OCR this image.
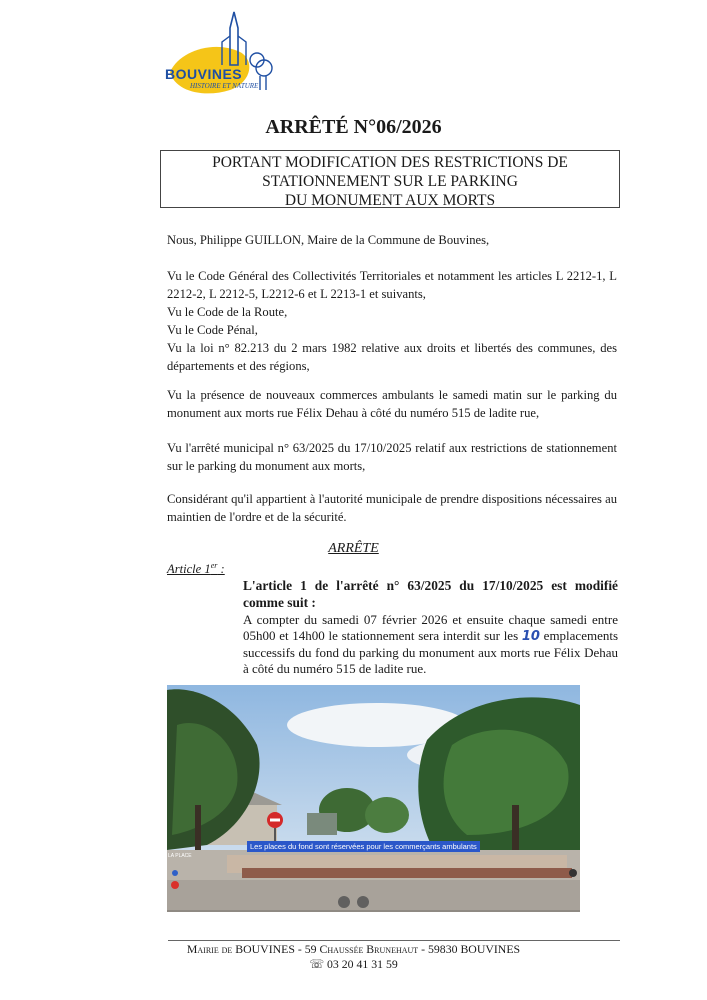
BOUVINES
HISTOIRE ET NATURE
ARRÊTÉ N°06/2026
PORTANT MODIFICATION DES RESTRICTIONS DE
STATIONNEMENT SUR LE PARKING
DU MONUMENT AUX MORTS
Nous, Philippe GUILLON, Maire de la Commune de Bouvines,
Vu le Code Général des Collectivités Territoriales et notamment les articles L 2212-1, L 2212-2, L 2212-5, L2212-6 et L 2213-1 et suivants,
Vu le Code de la Route,
Vu le Code Pénal,
Vu la loi n° 82.213 du 2 mars 1982 relative aux droits et libertés des communes, des départements et des régions,
Vu la présence de nouveaux commerces ambulants le samedi matin sur le parking du monument aux morts rue Félix Dehau à côté du numéro 515 de ladite rue,
Vu l'arrêté municipal n° 63/2025 du 17/10/2025 relatif aux restrictions de stationnement sur le parking du monument aux morts,
Considérant qu'il appartient à l'autorité municipale de prendre dispositions nécessaires au maintien de l'ordre et de la sécurité.
ARRÊTE
Article 1er :
L'article 1 de l'arrêté n° 63/2025 du 17/10/2025 est modifié comme suit :
A compter du samedi 07 février 2026 et ensuite chaque samedi entre 05h00 et 14h00 le stationnement sera interdit sur les 10 emplacements successifs du fond du parking du monument aux morts rue Félix Dehau à côté du numéro 515 de ladite rue.
Les places du fond sont réservées pour les commerçants ambulants
LA PLACE
Mairie de BOUVINES - 59 Chaussée Brunehaut - 59830 BOUVINES
☏ 03 20 41 31 59
